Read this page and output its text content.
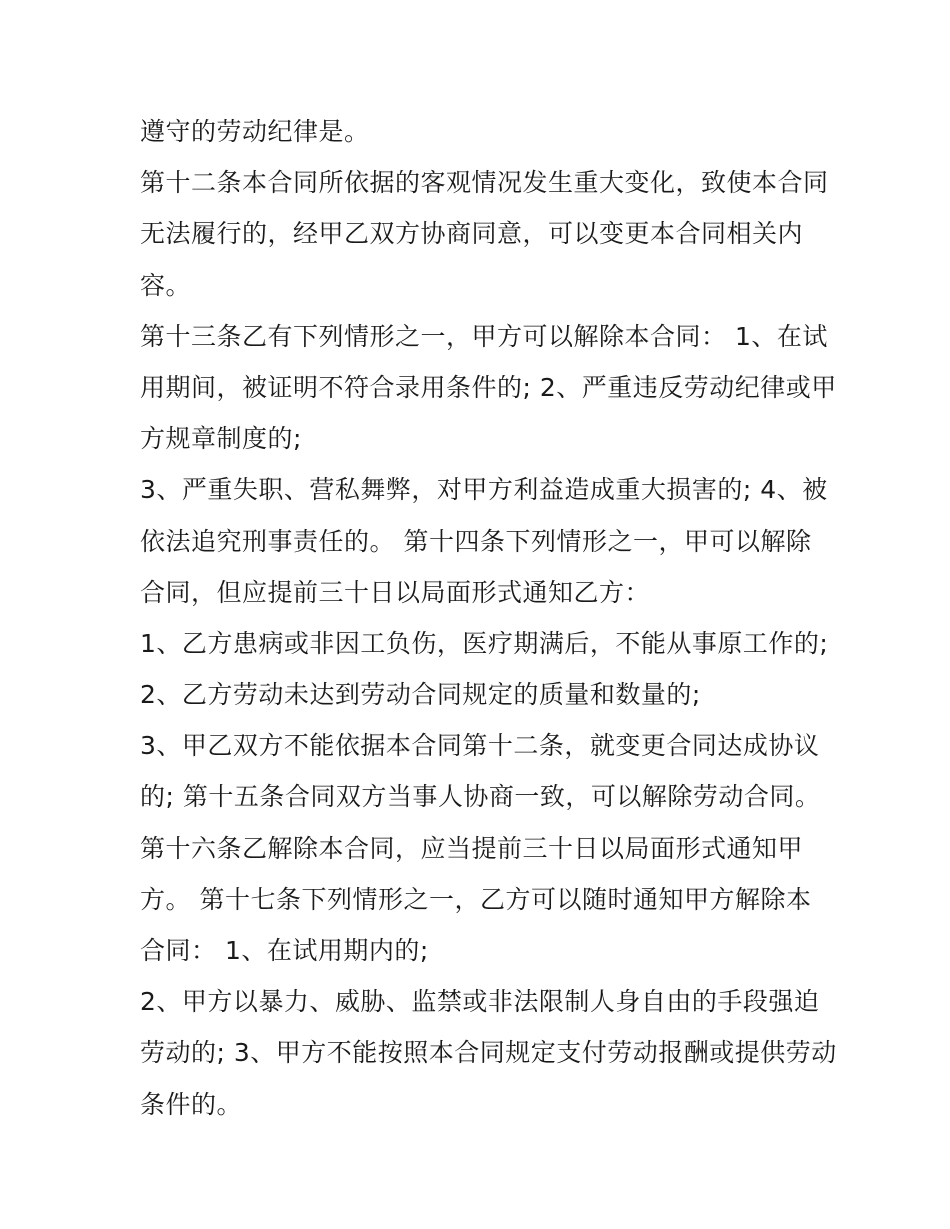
遵守的劳动纪律是。
第十二条本合同所依据的客观情况发生重大变化，致使本合同
无法履行的，经甲乙双方协商同意，可以变更本合同相关内
容。
第十三条乙有下列情形之一，甲方可以解除本合同： 1、在试
用期间，被证明不符合录用条件的; 2、严重违反劳动纪律或甲
方规章制度的;
3、严重失职、营私舞弊，对甲方利益造成重大损害的; 4、被
依法追究刑事责任的。 第十四条下列情形之一，甲可以解除
合同，但应提前三十日以局面形式通知乙方：
1、乙方患病或非因工负伤，医疗期满后，不能从事原工作的;
2、乙方劳动未达到劳动合同规定的质量和数量的;
3、甲乙双方不能依据本合同第十二条，就变更合同达成协议
的; 第十五条合同双方当事人协商一致，可以解除劳动合同。
第十六条乙解除本合同，应当提前三十日以局面形式通知甲
方。 第十七条下列情形之一，乙方可以随时通知甲方解除本
合同： 1、在试用期内的;
2、甲方以暴力、威胁、监禁或非法限制人身自由的手段强迫
劳动的; 3、甲方不能按照本合同规定支付劳动报酬或提供劳动
条件的。
